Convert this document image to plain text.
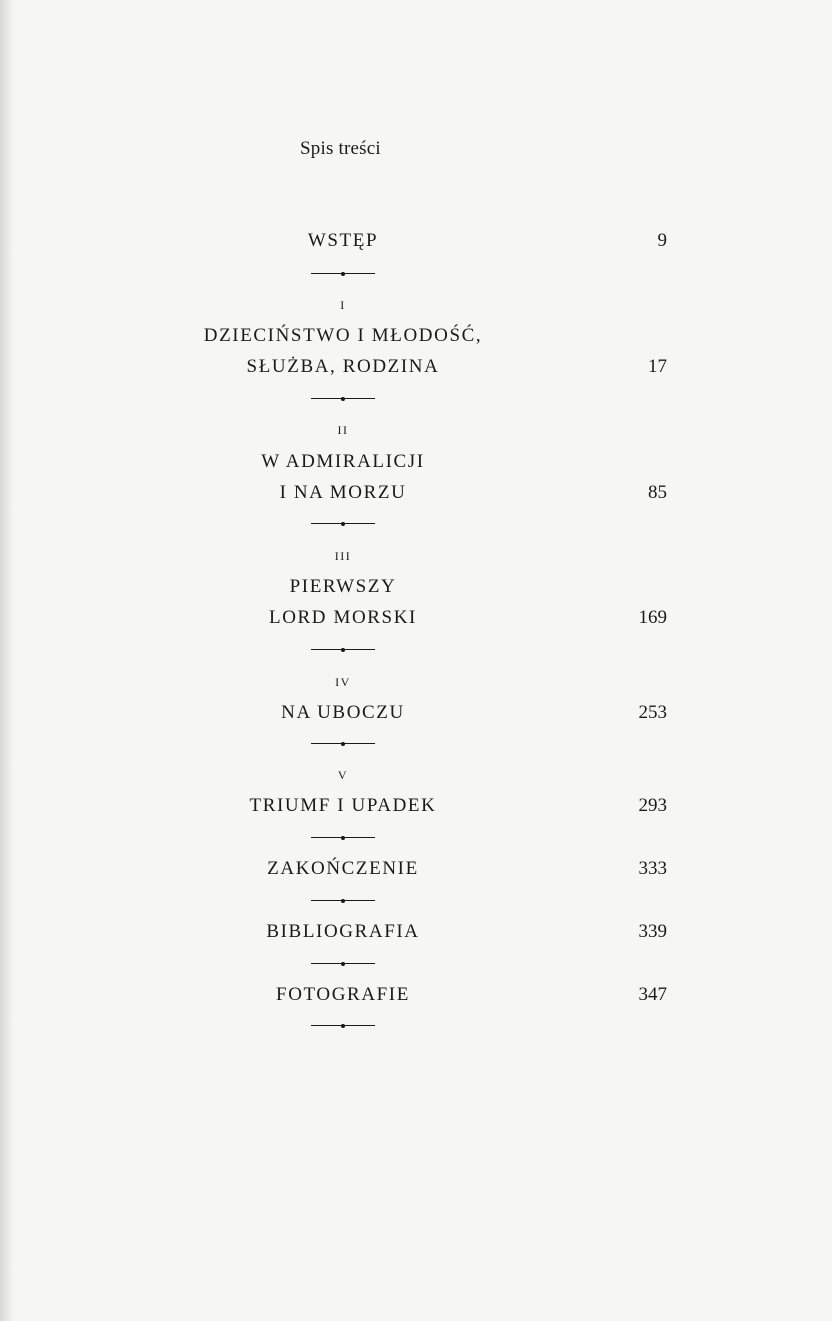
Spis treści
WSTĘP	9
I
DZIECIŃSTWO I MŁODOŚĆ,
SŁUŻBA, RODZINA	17
II
W ADMIRALICJI
I NA MORZU	85
III
PIERWSZY
LORD MORSKI	169
IV
NA UBOCZU	253
V
TRIUMF I UPADEK	293
ZAKOŃCZENIE	333
BIBLIOGRAFIA	339
FOTOGRAFIE	347
